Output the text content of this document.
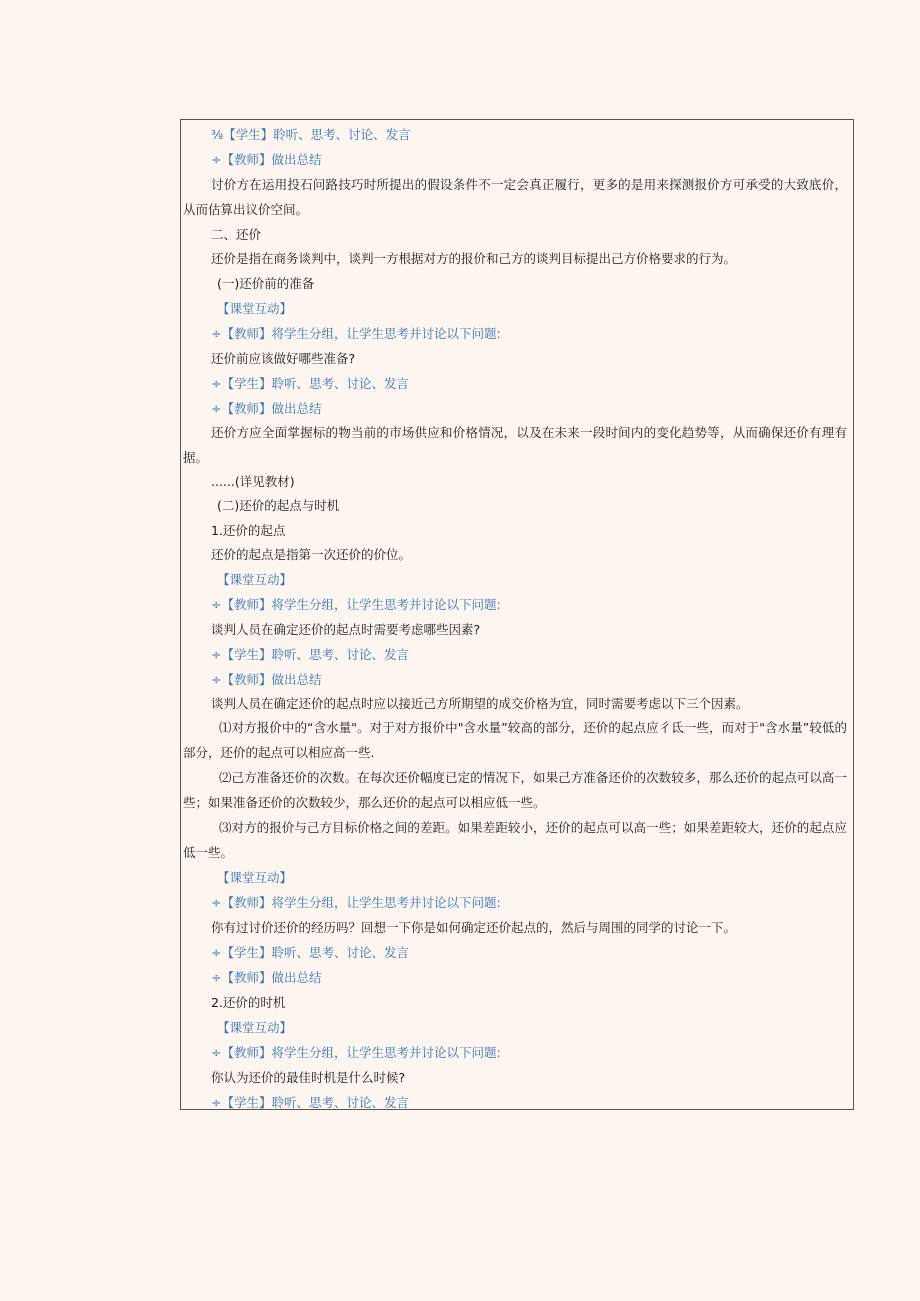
⅜【学生】聆听、思考、讨论、发言
÷【教师】做出总结
讨价方在运用投石问路技巧时所提出的假设条件不一定会真正履行，更多的是用来探测报价方可承受的大致底价，从而估算出议价空间。
二、还价
还价是指在商务谈判中，谈判一方根据对方的报价和己方的谈判目标提出己方价格要求的行为。
(一)还价前的准备
【课堂互动】
÷【教师】将学生分组，让学生思考并讨论以下问题:
还价前应该做好哪些准备?
÷【学生】聆听、思考、讨论、发言
÷【教师】做出总结
还价方应全面掌握标的物当前的市场供应和价格情况，以及在未来一段时间内的变化趋势等，从而确保还价有理有据。
......(详见教材)
(二)还价的起点与时机
1.还价的起点
还价的起点是指第一次还价的价位。
【课堂互动】
÷【教师】将学生分组，让学生思考并讨论以下问题:
谈判人员在确定还价的起点时需要考虑哪些因素?
÷【学生】聆听、思考、讨论、发言
÷【教师】做出总结
谈判人员在确定还价的起点时应以接近己方所期望的成交价格为宜，同时需要考虑以下三个因素。
⑴对方报价中的“含水量"。对于对方报价中"含水量”较高的部分，还价的起点应彳氐一些，而对于"含水量”较低的部分，还价的起点可以相应高一些.
⑵己方准备还价的次数。在每次还价幅度已定的情况下，如果己方准备还价的次数较多，那么还价的起点可以高一些；如果准备还价的次数较少，那么还价的起点可以相应低一些。
⑶对方的报价与己方目标价格之间的差距。如果差距较小，还价的起点可以高一些；如果差距较大，还价的起点应低一些。
【课堂互动】
÷【教师】将学生分组，让学生思考并讨论以下问题:
你有过讨价还价的经历吗？回想一下你是如何确定还价起点的，然后与周围的同学的讨论一下。
÷【学生】聆听、思考、讨论、发言
÷【教师】做出总结
2.还价的时机
【课堂互动】
÷【教师】将学生分组，让学生思考并讨论以下问题:
你认为还价的最佳时机是什么时候?
÷【学生】聆听、思考、讨论、发言
